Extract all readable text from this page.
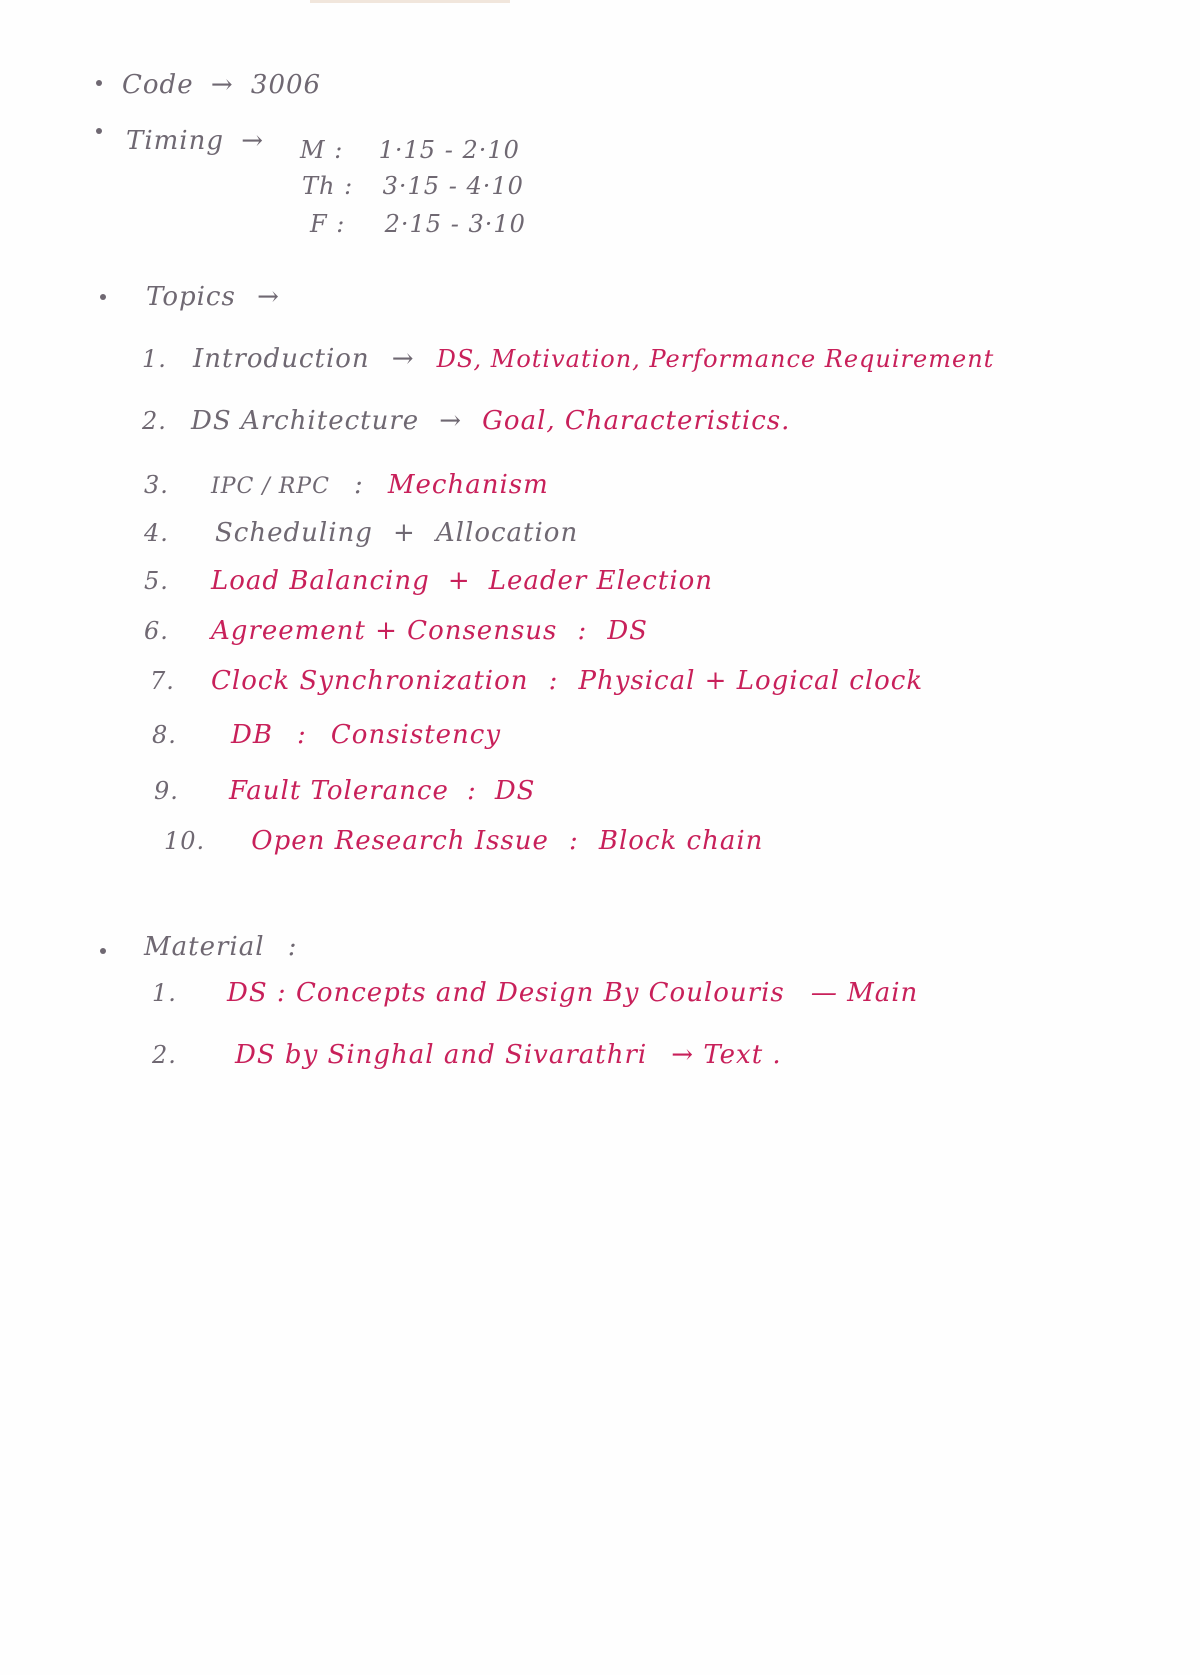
Code → 3006
Timing → M : 1·15 - 2·10
Th : 3·15 - 4·10
F : 2·15 - 3·10
Topics →
1. Introduction → DS, Motivation, Performance Requirement
2. DS Architecture → Goal, Characteristics.
3. IPC / RPC : Mechanism
4. Scheduling + Allocation
5. Load Balancing + Leader Election
6. Agreement + Consensus : DS
7. Clock Synchronization : Physical + Logical clock
8. DB : Consistency
9. Fault Tolerance : DS
10. Open Research Issue : Block chain
Material :
1. DS : Concepts and Design By Coulouris — Main
2. DS by Singhal and Sivarathri → Text .
